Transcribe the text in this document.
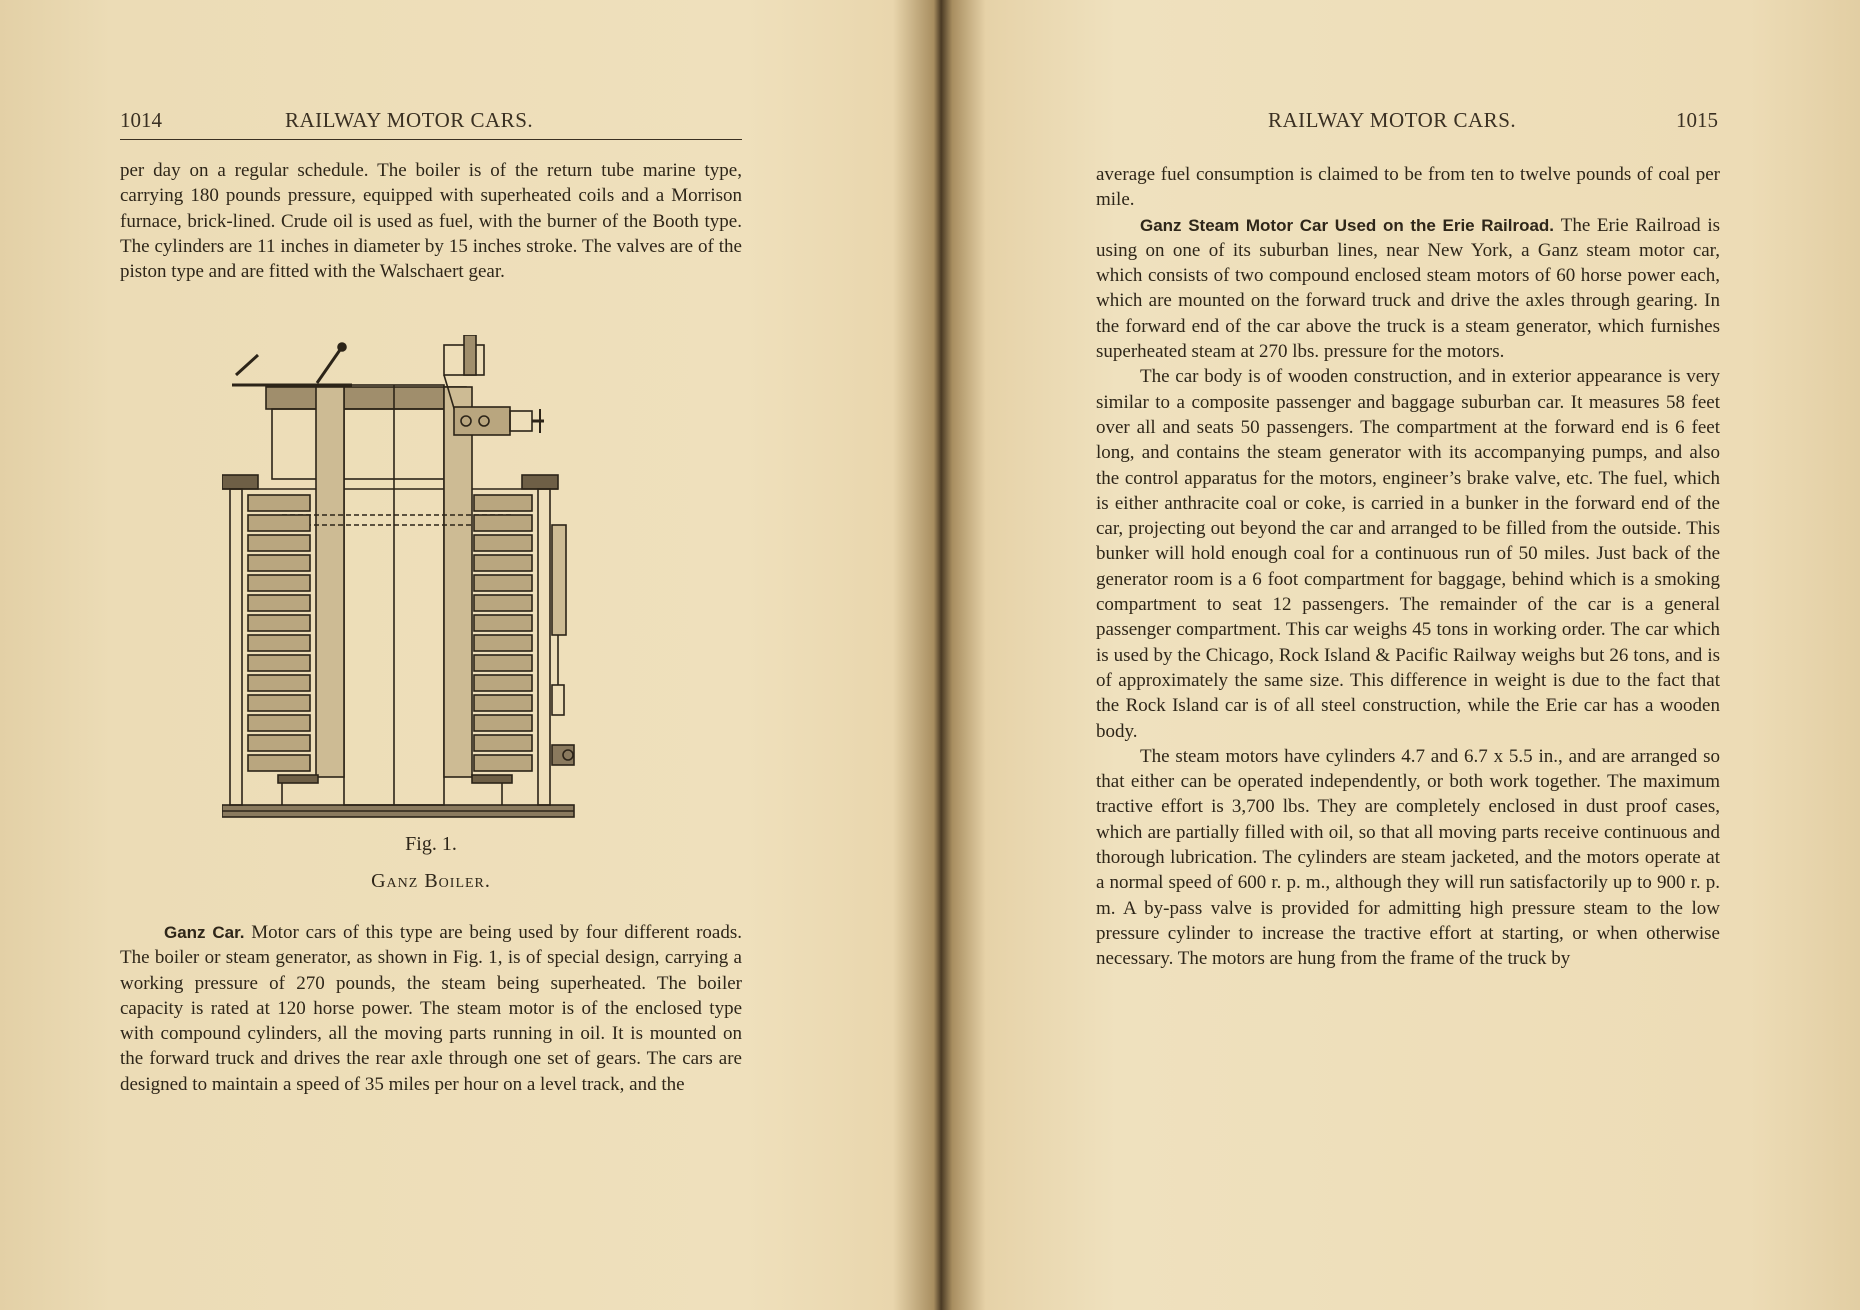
1014	RAILWAY MOTOR CARS.

per day on a regular schedule. The boiler is of the return tube marine type, carrying 180 pounds pressure, equipped with superheated coils and a Morrison furnace, brick-lined. Crude oil is used as fuel, with the burner of the Booth type. The cylinders are 11 inches in diameter by 15 inches stroke. The valves are of the piston type and are fitted with the Walschaert gear.

Fig. 1.
Ganz Boiler.

Ganz Car. Motor cars of this type are being used by four different roads. The boiler or steam generator, as shown in Fig. 1, is of special design, carrying a working pressure of 270 pounds, the steam being superheated. The boiler capacity is rated at 120 horse power. The steam motor is of the enclosed type with compound cylinders, all the moving parts running in oil. It is mounted on the forward truck and drives the rear axle through one set of gears. The cars are designed to maintain a speed of 35 miles per hour on a level track, and the

RAILWAY MOTOR CARS.	1015

average fuel consumption is claimed to be from ten to twelve pounds of coal per mile.

Ganz Steam Motor Car Used on the Erie Railroad. The Erie Railroad is using on one of its suburban lines, near New York, a Ganz steam motor car, which consists of two compound enclosed steam motors of 60 horse power each, which are mounted on the forward truck and drive the axles through gearing. In the forward end of the car above the truck is a steam generator, which furnishes superheated steam at 270 lbs. pressure for the motors.

The car body is of wooden construction, and in exterior appearance is very similar to a composite passenger and baggage suburban car. It measures 58 feet over all and seats 50 passengers. The compartment at the forward end is 6 feet long, and contains the steam generator with its accompanying pumps, and also the control apparatus for the motors, engineer’s brake valve, etc. The fuel, which is either anthracite coal or coke, is carried in a bunker in the forward end of the car, projecting out beyond the car and arranged to be filled from the outside. This bunker will hold enough coal for a continuous run of 50 miles. Just back of the generator room is a 6 foot compartment for baggage, behind which is a smoking compartment to seat 12 passengers. The remainder of the car is a general passenger compartment. This car weighs 45 tons in working order. The car which is used by the Chicago, Rock Island & Pacific Railway weighs but 26 tons, and is of approximately the same size. This difference in weight is due to the fact that the Rock Island car is of all steel construction, while the Erie car has a wooden body.

The steam motors have cylinders 4.7 and 6.7 x 5.5 in., and are arranged so that either can be operated independently, or both work together. The maximum tractive effort is 3,700 lbs. They are completely enclosed in dust proof cases, which are partially filled with oil, so that all moving parts receive continuous and thorough lubrication. The cylinders are steam jacketed, and the motors operate at a normal speed of 600 r. p. m., although they will run satisfactorily up to 900 r. p. m. A by-pass valve is provided for admitting high pressure steam to the low pressure cylinder to increase the tractive effort at starting, or when otherwise necessary. The motors are hung from the frame of the truck by
